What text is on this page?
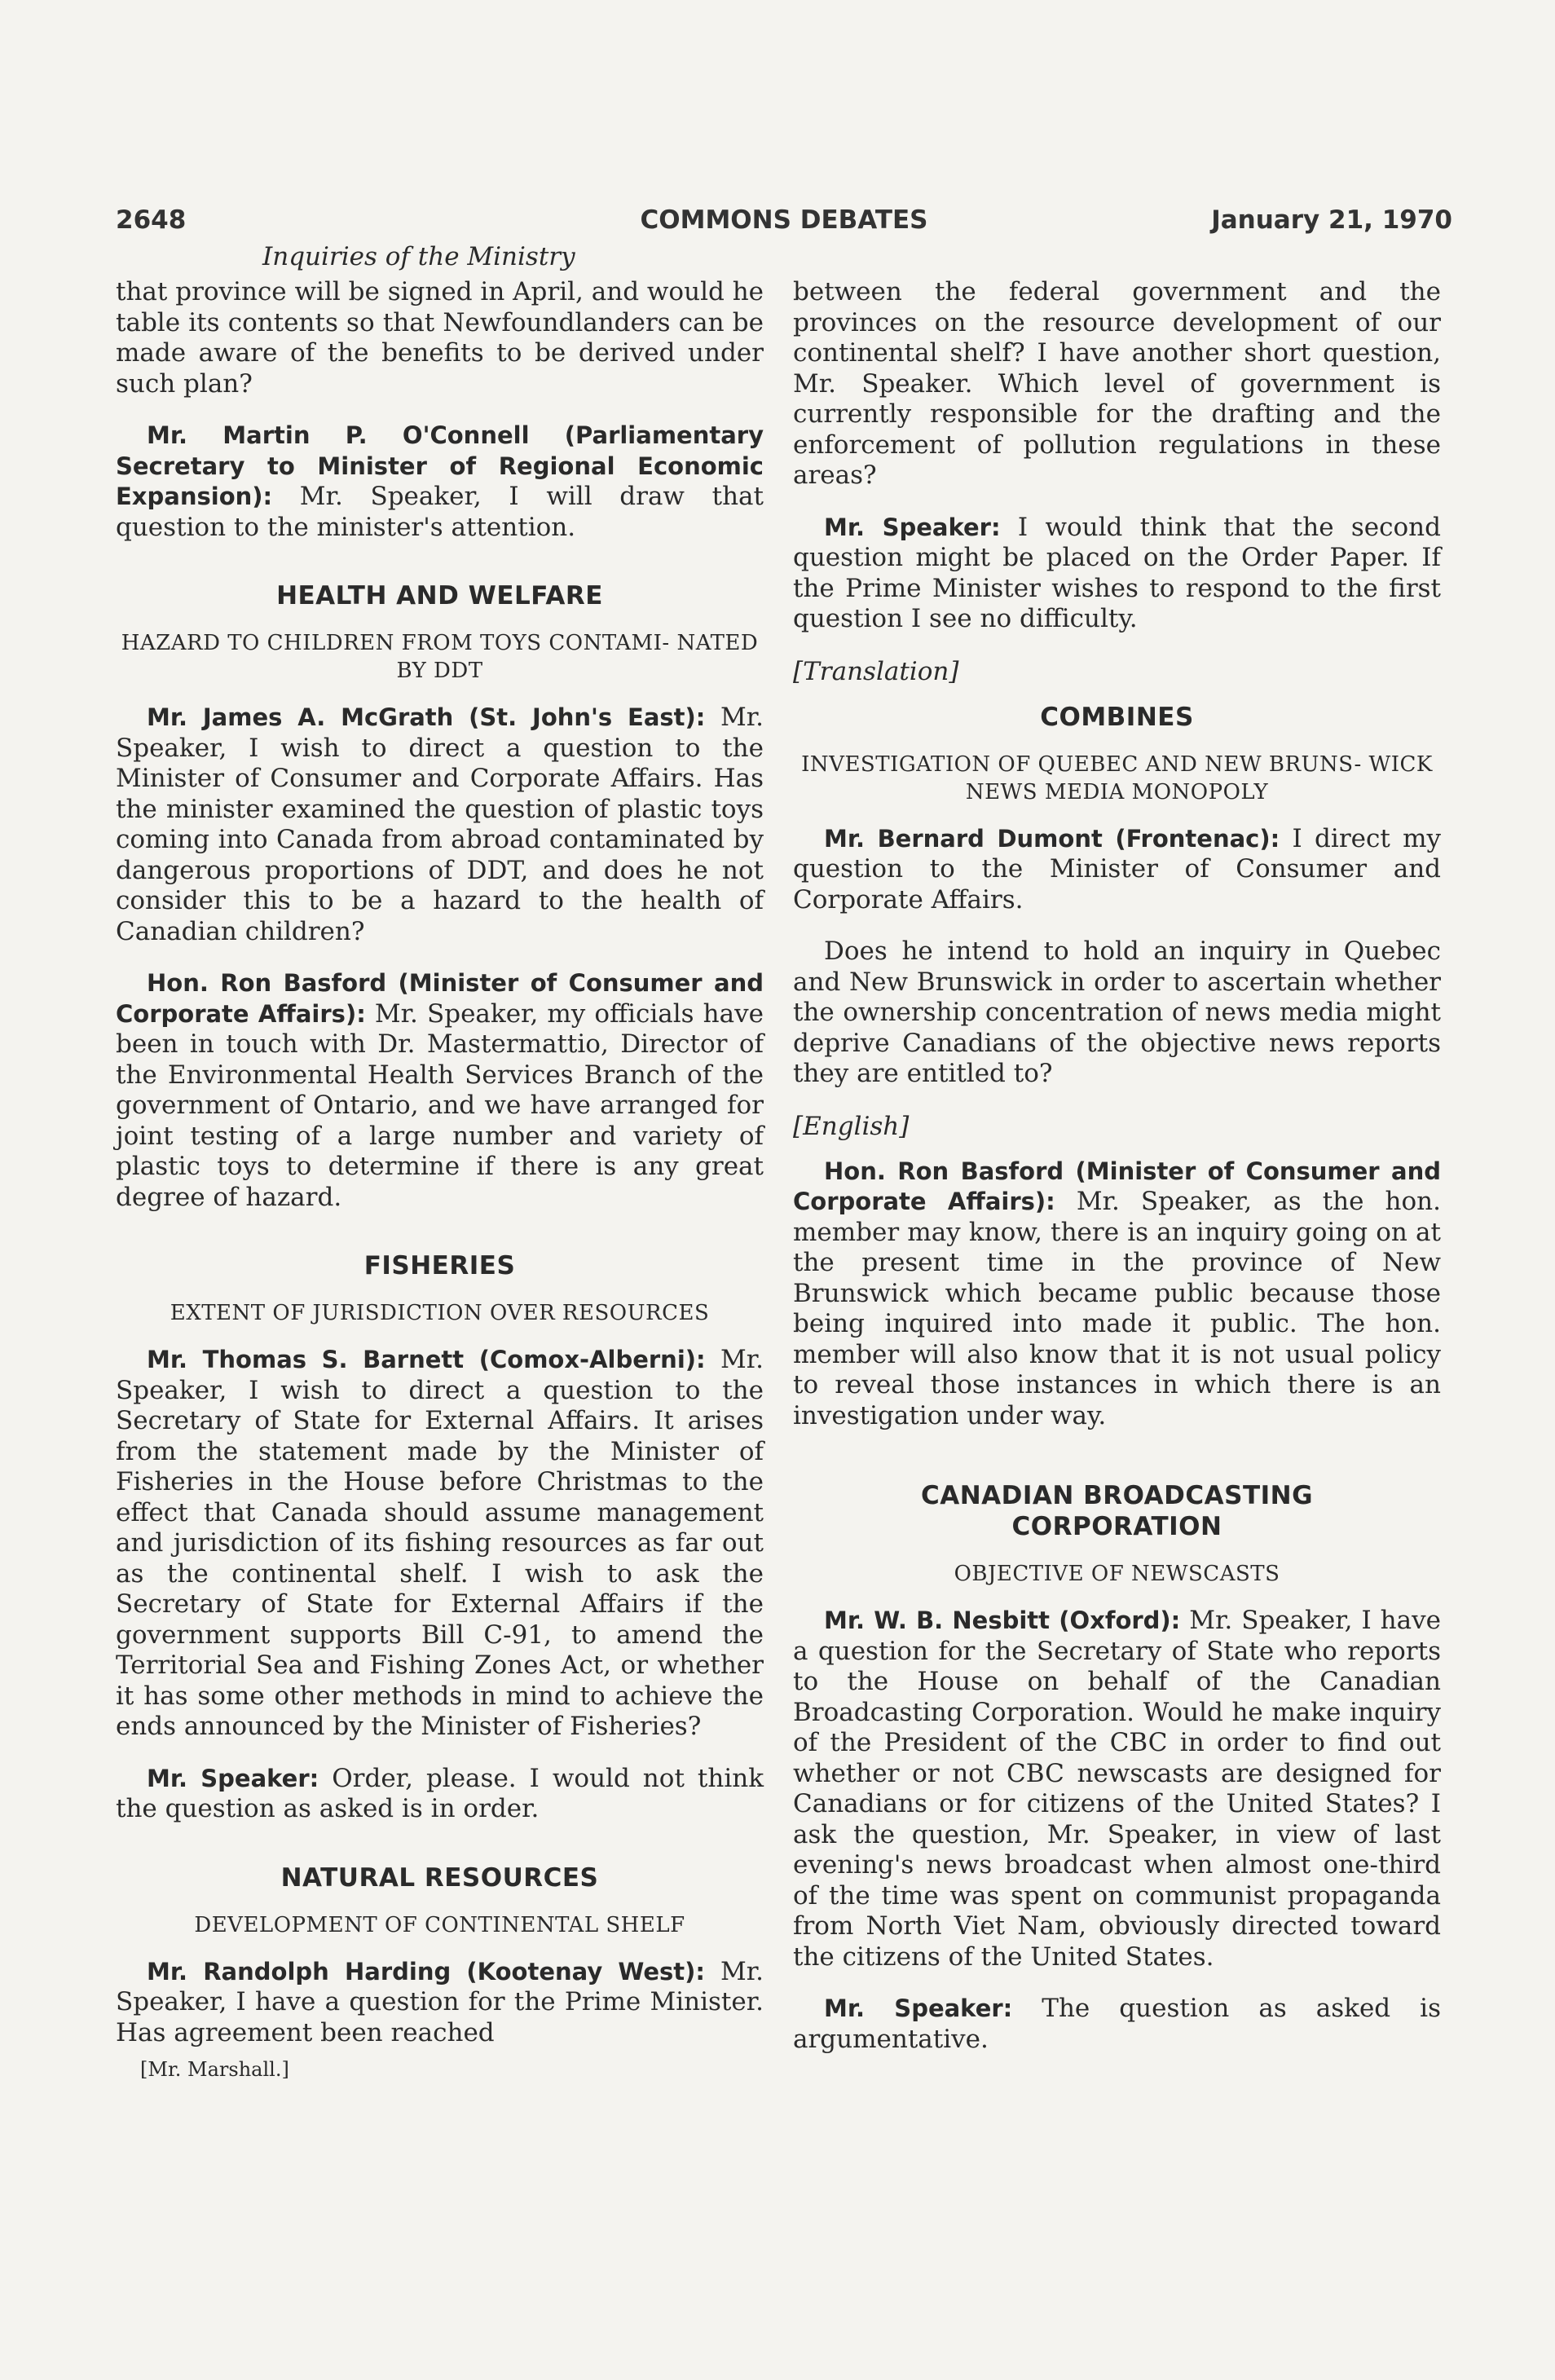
2648	COMMONS DEBATES	January 21, 1970
Inquiries of the Ministry

that province will be signed in April, and would he table its contents so that Newfoundlanders can be made aware of the benefits to be derived under such plan?

Mr. Martin P. O'Connell (Parliamentary Secretary to Minister of Regional Economic Expansion): Mr. Speaker, I will draw that question to the minister's attention.

HEALTH AND WELFARE
HAZARD TO CHILDREN FROM TOYS CONTAMI- NATED BY DDT

Mr. James A. McGrath (St. John's East): Mr. Speaker, I wish to direct a question to the Minister of Consumer and Corporate Affairs. Has the minister examined the question of plastic toys coming into Canada from abroad contaminated by dangerous proportions of DDT, and does he not consider this to be a hazard to the health of Canadian children?

Hon. Ron Basford (Minister of Consumer and Corporate Affairs): Mr. Speaker, my officials have been in touch with Dr. Mastermattio, Director of the Environmental Health Services Branch of the government of Ontario, and we have arranged for joint testing of a large number and variety of plastic toys to determine if there is any great degree of hazard.

FISHERIES
EXTENT OF JURISDICTION OVER RESOURCES

Mr. Thomas S. Barnett (Comox-Alberni): Mr. Speaker, I wish to direct a question to the Secretary of State for External Affairs. It arises from the statement made by the Minister of Fisheries in the House before Christmas to the effect that Canada should assume management and jurisdiction of its fishing resources as far out as the continental shelf. I wish to ask the Secretary of State for External Affairs if the government supports Bill C-91, to amend the Territorial Sea and Fishing Zones Act, or whether it has some other methods in mind to achieve the ends announced by the Minister of Fisheries?

Mr. Speaker: Order, please. I would not think the question as asked is in order.

NATURAL RESOURCES
DEVELOPMENT OF CONTINENTAL SHELF

Mr. Randolph Harding (Kootenay West): Mr. Speaker, I have a question for the Prime Minister. Has agreement been reached

[Mr. Marshall.]

between the federal government and the provinces on the resource development of our continental shelf? I have another short question, Mr. Speaker. Which level of government is currently responsible for the drafting and the enforcement of pollution regulations in these areas?

Mr. Speaker: I would think that the second question might be placed on the Order Paper. If the Prime Minister wishes to respond to the first question I see no difficulty.

[Translation]
COMBINES
INVESTIGATION OF QUEBEC AND NEW BRUNS- WICK NEWS MEDIA MONOPOLY

Mr. Bernard Dumont (Frontenac): I direct my question to the Minister of Consumer and Corporate Affairs.

Does he intend to hold an inquiry in Quebec and New Brunswick in order to ascertain whether the ownership concentration of news media might deprive Canadians of the objective news reports they are entitled to?

[English]

Hon. Ron Basford (Minister of Consumer and Corporate Affairs): Mr. Speaker, as the hon. member may know, there is an inquiry going on at the present time in the province of New Brunswick which became public because those being inquired into made it public. The hon. member will also know that it is not usual policy to reveal those instances in which there is an investigation under way.

CANADIAN BROADCASTING CORPORATION
OBJECTIVE OF NEWSCASTS

Mr. W. B. Nesbitt (Oxford): Mr. Speaker, I have a question for the Secretary of State who reports to the House on behalf of the Canadian Broadcasting Corporation. Would he make inquiry of the President of the CBC in order to find out whether or not CBC newscasts are designed for Canadians or for citizens of the United States? I ask the question, Mr. Speaker, in view of last evening's news broadcast when almost one-third of the time was spent on communist propaganda from North Viet Nam, obviously directed toward the citizens of the United States.

Mr. Speaker: The question as asked is argumentative.
